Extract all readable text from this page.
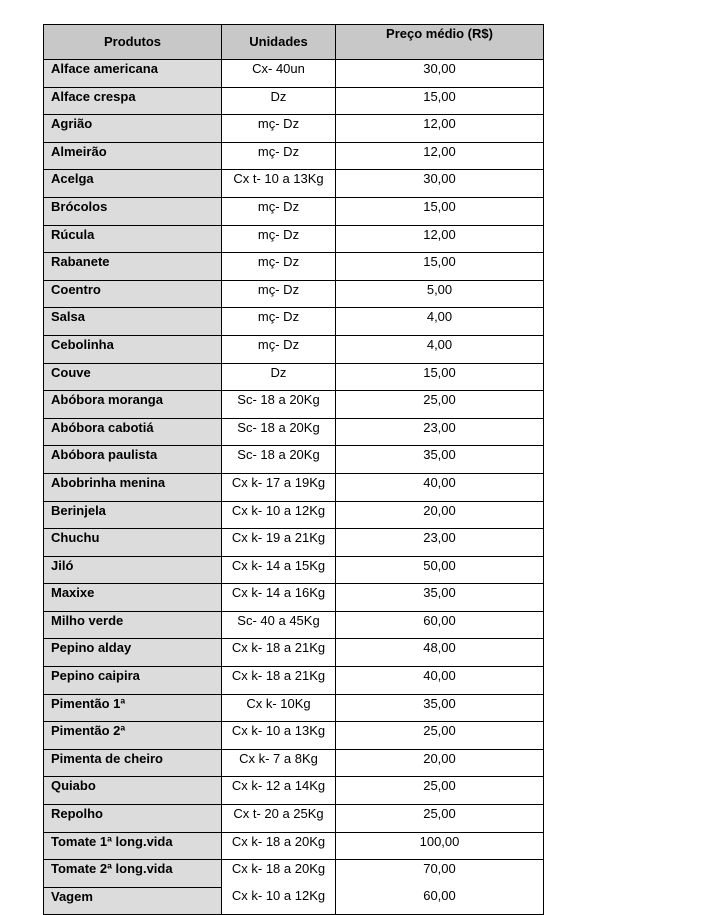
Produtos	Unidades	Preço médio (R$)
Alface americana	Cx- 40un	30,00
Alface crespa	Dz	15,00
Agrião	mç- Dz	12,00
Almeirão	mç- Dz	12,00
Acelga	Cx t- 10 a 13Kg	30,00
Brócolos	mç- Dz	15,00
Rúcula	mç- Dz	12,00
Rabanete	mç- Dz	15,00
Coentro	mç- Dz	5,00
Salsa	mç- Dz	4,00
Cebolinha	mç- Dz	4,00
Couve	Dz	15,00
Abóbora moranga	Sc- 18 a 20Kg	25,00
Abóbora cabotiá	Sc- 18 a 20Kg	23,00
Abóbora paulista	Sc- 18 a 20Kg	35,00
Abobrinha menina	Cx k- 17 a 19Kg	40,00
Berinjela	Cx k- 10 a 12Kg	20,00
Chuchu	Cx k- 19 a 21Kg	23,00
Jiló	Cx k- 14 a 15Kg	50,00
Maxixe	Cx k- 14 a 16Kg	35,00
Milho verde	Sc- 40 a 45Kg	60,00
Pepino alday	Cx k- 18 a 21Kg	48,00
Pepino caipira	Cx k- 18 a 21Kg	40,00
Pimentão 1ª	Cx k- 10Kg	35,00
Pimentão 2ª	Cx k- 10 a 13Kg	25,00
Pimenta de cheiro	Cx k- 7 a 8Kg	20,00
Quiabo	Cx k- 12 a 14Kg	25,00
Repolho	Cx t- 20 a 25Kg	25,00
Tomate 1ª long.vida	Cx k- 18 a 20Kg	100,00
Tomate 2ª long.vida	Cx k- 18 a 20Kg	70,00
Vagem	Cx k- 10 a 12Kg	60,00
